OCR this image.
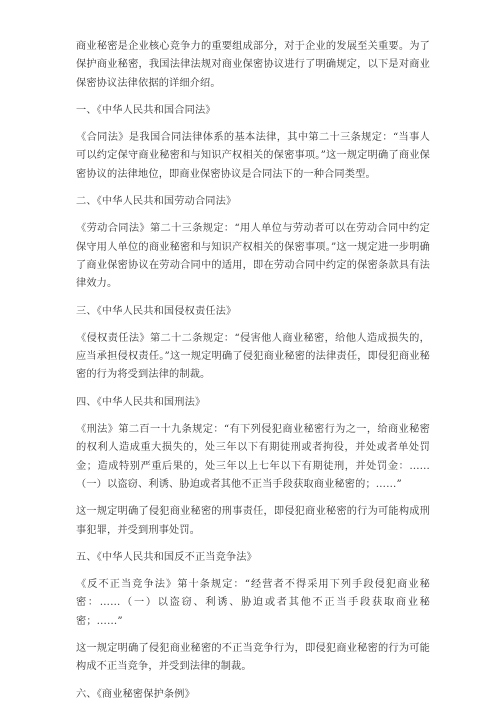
商业秘密是企业核心竞争力的重要组成部分，对于企业的发展至关重要。为了保护商业秘密，我国法律法规对商业保密协议进行了明确规定，以下是对商业保密协议法律依据的详细介绍。

一、《中华人民共和国合同法》

《合同法》是我国合同法律体系的基本法律，其中第二十三条规定：“当事人可以约定保守商业秘密和与知识产权相关的保密事项。”这一规定明确了商业保密协议的法律地位，即商业保密协议是合同法下的一种合同类型。

二、《中华人民共和国劳动合同法》

《劳动合同法》第二十三条规定：“用人单位与劳动者可以在劳动合同中约定保守用人单位的商业秘密和与知识产权相关的保密事项。”这一规定进一步明确了商业保密协议在劳动合同中的适用，即在劳动合同中约定的保密条款具有法律效力。

三、《中华人民共和国侵权责任法》

《侵权责任法》第二十二条规定：“侵害他人商业秘密，给他人造成损失的，应当承担侵权责任。”这一规定明确了侵犯商业秘密的法律责任，即侵犯商业秘密的行为将受到法律的制裁。

四、《中华人民共和国刑法》

《刑法》第二百一十九条规定：“有下列侵犯商业秘密行为之一，给商业秘密的权利人造成重大损失的，处三年以下有期徒刑或者拘役，并处或者单处罚金；造成特别严重后果的，处三年以上七年以下有期徒刑，并处罚金：……（一）以盗窃、利诱、胁迫或者其他不正当手段获取商业秘密的；……”

这一规定明确了侵犯商业秘密的刑事责任，即侵犯商业秘密的行为可能构成刑事犯罪，并受到刑事处罚。

五、《中华人民共和国反不正当竞争法》

《反不正当竞争法》第十条规定：“经营者不得采用下列手段侵犯商业秘密：……（一）以盗窃、利诱、胁迫或者其他不正当手段获取商业秘密；……”

这一规定明确了侵犯商业秘密的不正当竞争行为，即侵犯商业秘密的行为可能构成不正当竞争，并受到法律的制裁。

六、《商业秘密保护条例》
